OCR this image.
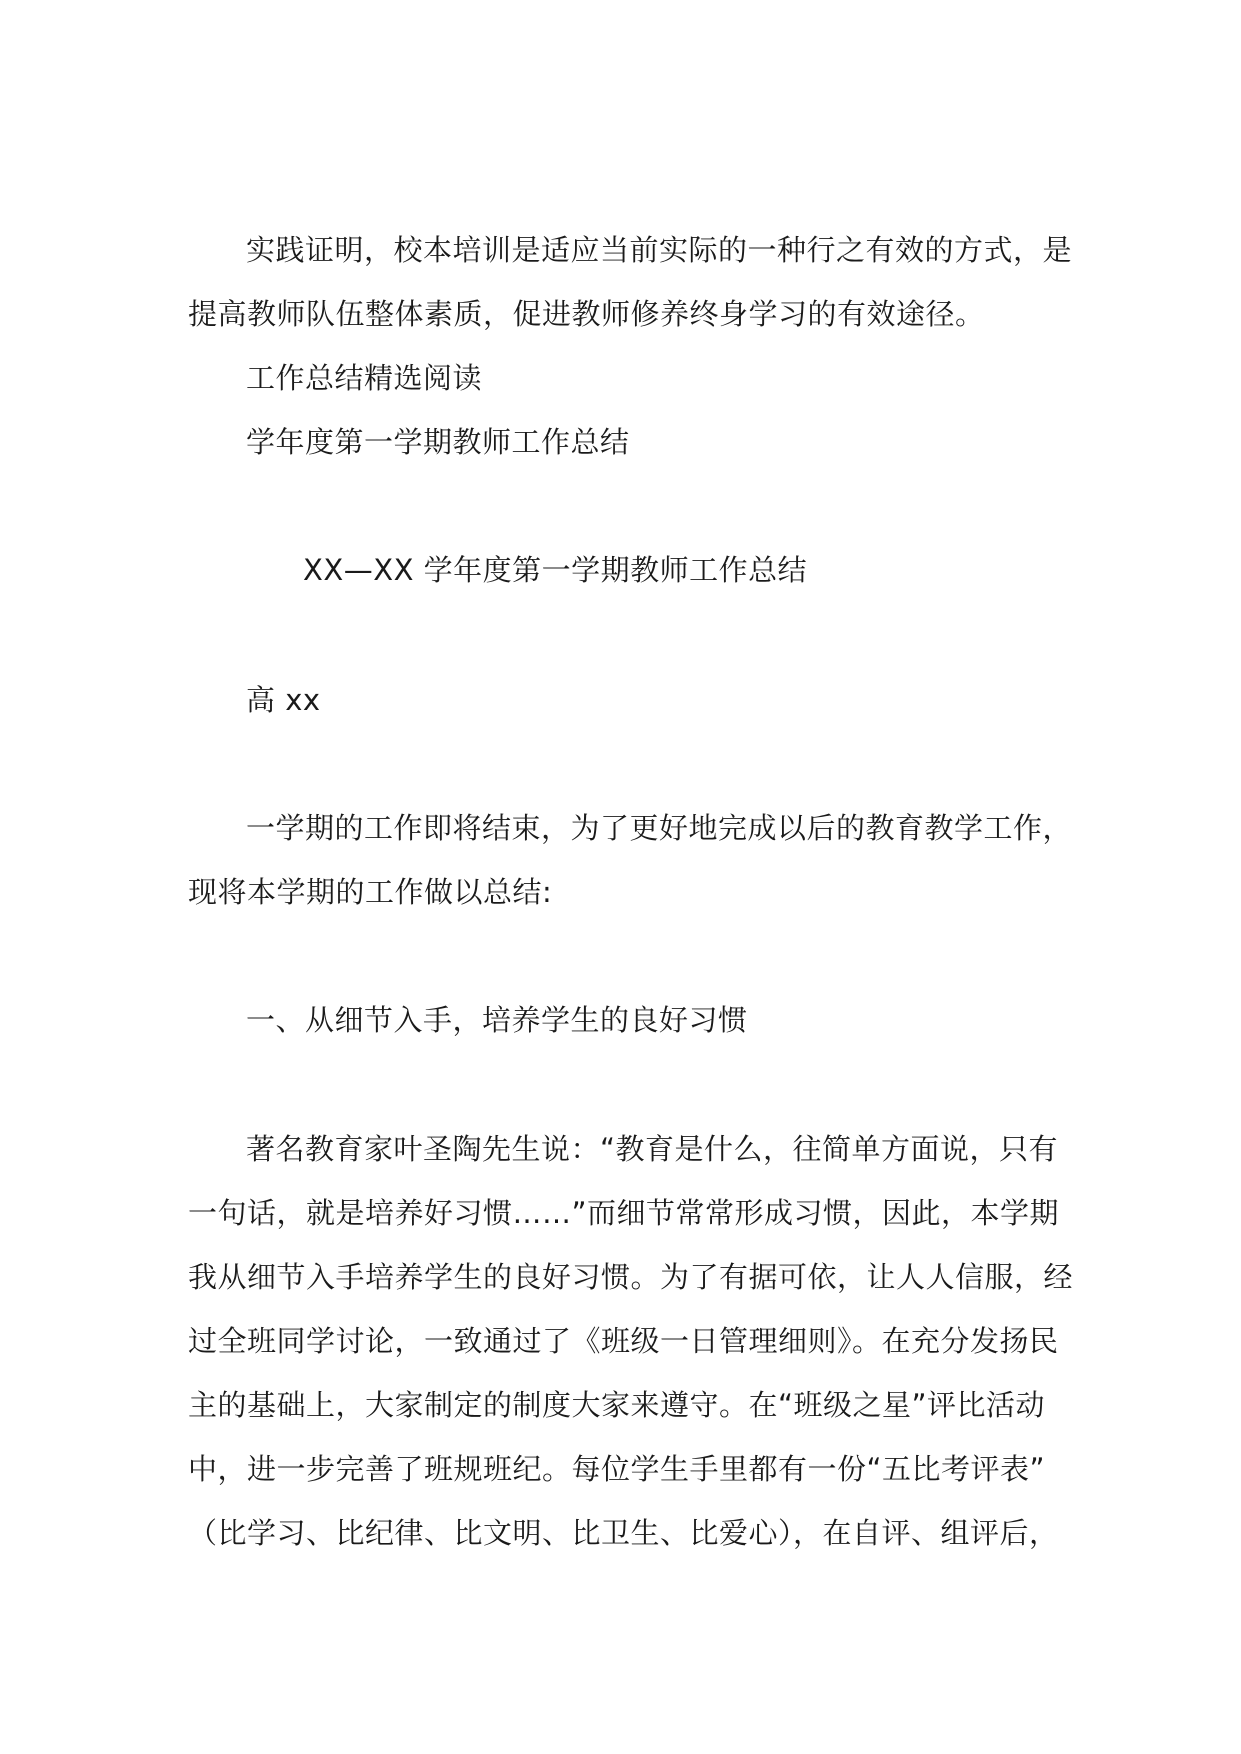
实践证明，校本培训是适应当前实际的一种行之有效的方式，是
提高教师队伍整体素质，促进教师修养终身学习的有效途径。
工作总结精选阅读
学年度第一学期教师工作总结
XX—XX 学年度第一学期教师工作总结
高 xx
一学期的工作即将结束，为了更好地完成以后的教育教学工作，
现将本学期的工作做以总结:
一、从细节入手，培养学生的良好习惯
著名教育家叶圣陶先生说：“教育是什么，往简单方面说，只有
一句话，就是培养好习惯……”而细节常常形成习惯，因此，本学期
我从细节入手培养学生的良好习惯。为了有据可依，让人人信服，经
过全班同学讨论，一致通过了《班级一日管理细则》。在充分发扬民
主的基础上，大家制定的制度大家来遵守。在“班级之星”评比活动
中，进一步完善了班规班纪。每位学生手里都有一份“五比考评表”
（比学习、比纪律、比文明、比卫生、比爱心），在自评、组评后，
